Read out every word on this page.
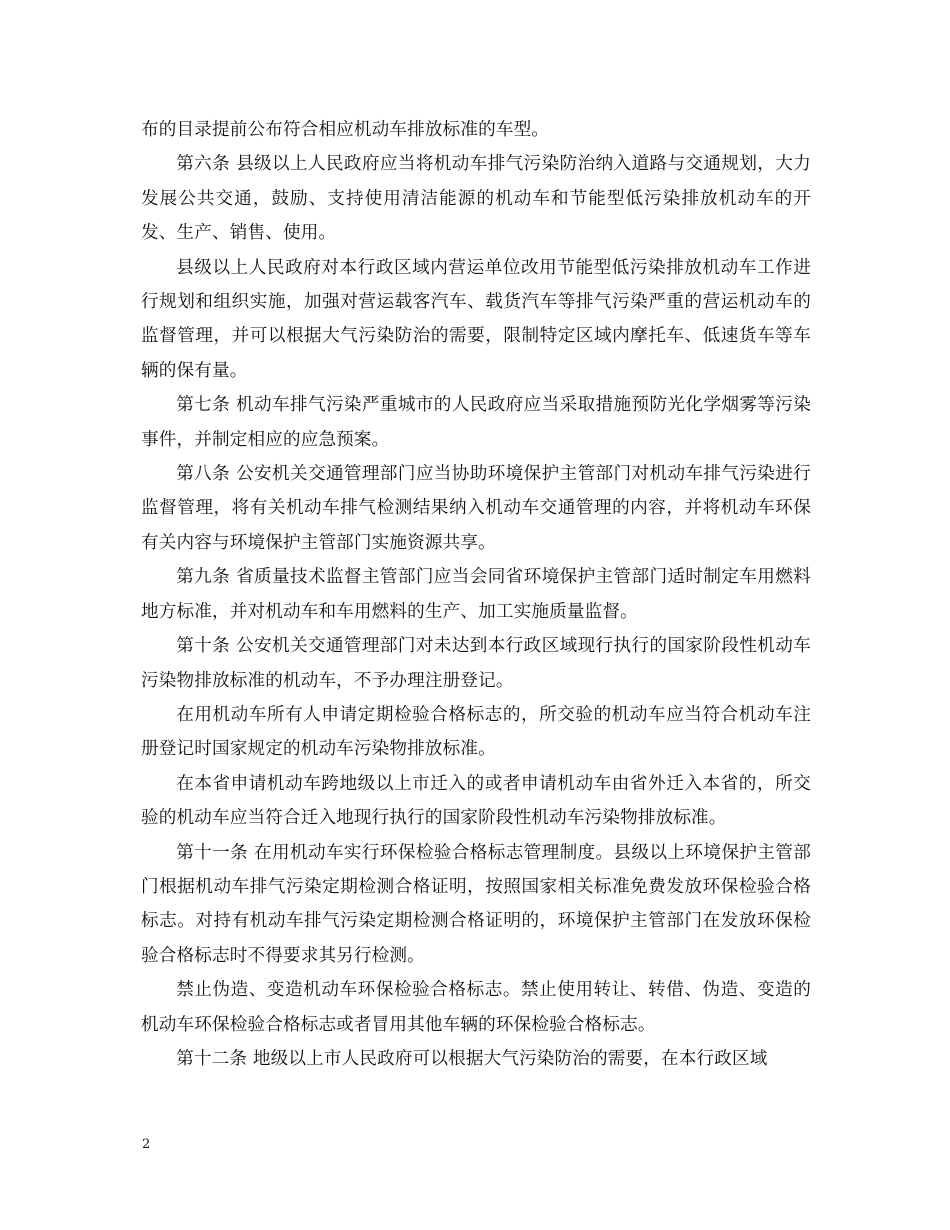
布的目录提前公布符合相应机动车排放标准的车型。

第六条 县级以上人民政府应当将机动车排气污染防治纳入道路与交通规划，大力发展公共交通，鼓励、支持使用清洁能源的机动车和节能型低污染排放机动车的开发、生产、销售、使用。

县级以上人民政府对本行政区域内营运单位改用节能型低污染排放机动车工作进行规划和组织实施，加强对营运载客汽车、载货汽车等排气污染严重的营运机动车的监督管理，并可以根据大气污染防治的需要，限制特定区域内摩托车、低速货车等车辆的保有量。

第七条 机动车排气污染严重城市的人民政府应当采取措施预防光化学烟雾等污染事件，并制定相应的应急预案。

第八条 公安机关交通管理部门应当协助环境保护主管部门对机动车排气污染进行监督管理，将有关机动车排气检测结果纳入机动车交通管理的内容，并将机动车环保有关内容与环境保护主管部门实施资源共享。

第九条 省质量技术监督主管部门应当会同省环境保护主管部门适时制定车用燃料地方标准，并对机动车和车用燃料的生产、加工实施质量监督。

第十条 公安机关交通管理部门对未达到本行政区域现行执行的国家阶段性机动车污染物排放标准的机动车，不予办理注册登记。

在用机动车所有人申请定期检验合格标志的，所交验的机动车应当符合机动车注册登记时国家规定的机动车污染物排放标准。

在本省申请机动车跨地级以上市迁入的或者申请机动车由省外迁入本省的，所交验的机动车应当符合迁入地现行执行的国家阶段性机动车污染物排放标准。

第十一条 在用机动车实行环保检验合格标志管理制度。县级以上环境保护主管部门根据机动车排气污染定期检测合格证明，按照国家相关标准免费发放环保检验合格标志。对持有机动车排气污染定期检测合格证明的，环境保护主管部门在发放环保检验合格标志时不得要求其另行检测。

禁止伪造、变造机动车环保检验合格标志。禁止使用转让、转借、伪造、变造的机动车环保检验合格标志或者冒用其他车辆的环保检验合格标志。

第十二条 地级以上市人民政府可以根据大气污染防治的需要，在本行政区域

2
